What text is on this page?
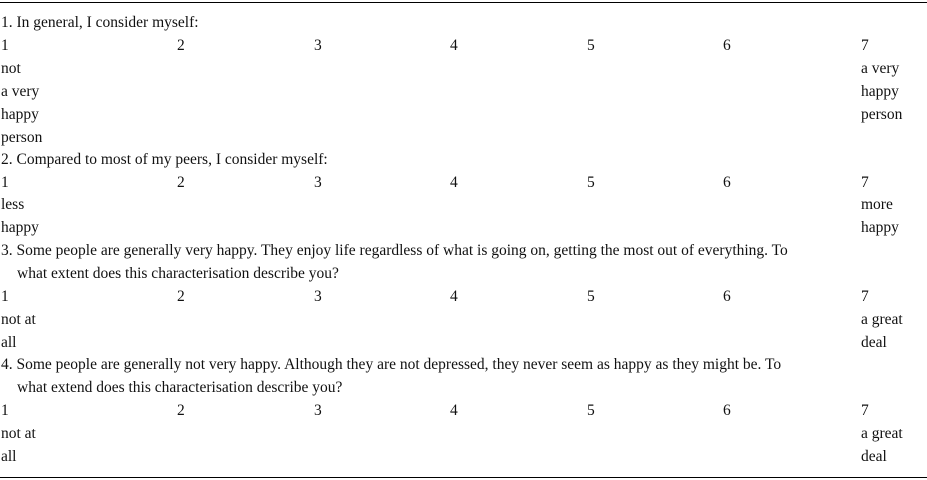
1. In general, I consider myself:
1	2	3	4	5	6	7
not	a very
a very	happy
happy	person
person
2. Compared to most of my peers, I consider myself:
1	2	3	4	5	6	7
less	more
happy	happy
3. Some people are generally very happy. They enjoy life regardless of what is going on, getting the most out of everything. To
what extent does this characterisation describe you?
1	2	3	4	5	6	7
not at	a great
all	deal
4. Some people are generally not very happy. Although they are not depressed, they never seem as happy as they might be. To
what extend does this characterisation describe you?
1	2	3	4	5	6	7
not at	a great
all	deal
